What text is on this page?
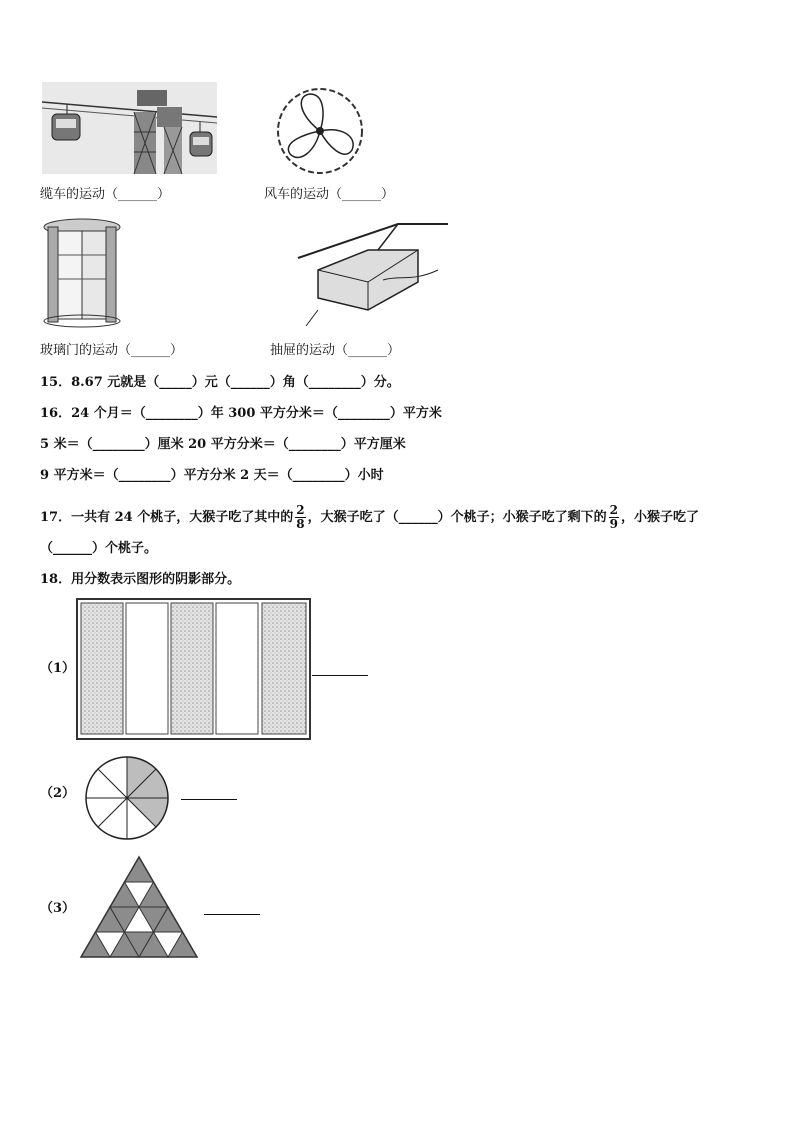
缆车的运动（______）	风车的运动（______）
玻璃门的运动（______）	抽屉的运动（______）
15．8.67 元就是（_____）元（______）角（________）分。
16．24 个月＝（________）年 300 平方分米＝（________）平方米
5 米＝（________）厘米 20 平方分米＝（________）平方厘米
9 平方米＝（________）平方分米 2 天＝（________）小时
17．一共有 24 个桃子，大猴子吃了其中的 $\frac{2}{8}$ ，大猴子吃了（______）个桃子；小猴子吃了剩下的 $\frac{2}{9}$ ，小猴子吃了
（______）个桃子。
18．用分数表示图形的阴影部分。
（1）
（2）
（3）
